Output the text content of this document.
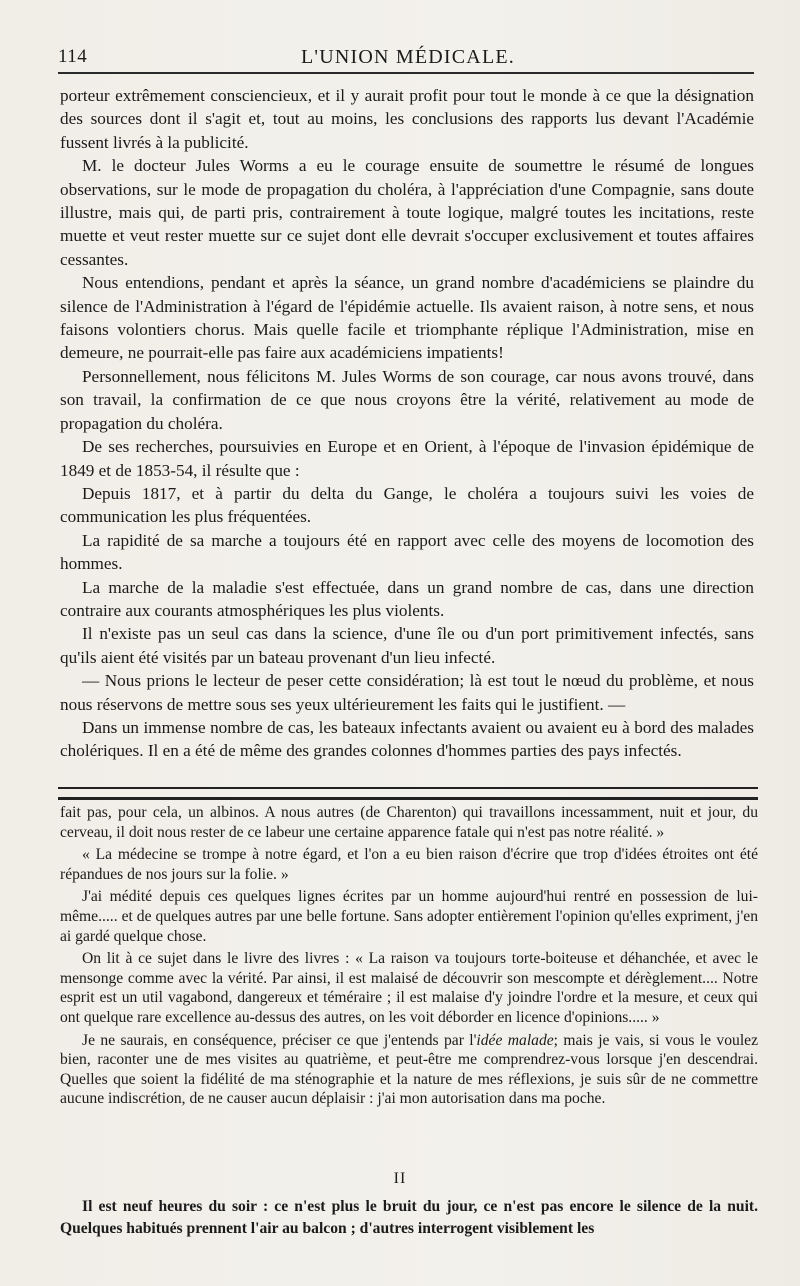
114	L'UNION MÉDICALE.

porteur extrêmement consciencieux, et il y aurait profit pour tout le monde à ce que la désignation des sources dont il s'agit et, tout au moins, les conclusions des rapports lus devant l'Académie fussent livrés à la publicité.

M. le docteur Jules Worms a eu le courage ensuite de soumettre le résumé de longues observations, sur le mode de propagation du choléra, à l'appréciation d'une Compagnie, sans doute illustre, mais qui, de parti pris, contrairement à toute logique, malgré toutes les incitations, reste muette et veut rester muette sur ce sujet dont elle devrait s'occuper exclusivement et toutes affaires cessantes.

Nous entendions, pendant et après la séance, un grand nombre d'académiciens se plaindre du silence de l'Administration à l'égard de l'épidémie actuelle. Ils avaient raison, à notre sens, et nous faisons volontiers chorus. Mais quelle facile et triomphante réplique l'Administration, mise en demeure, ne pourrait-elle pas faire aux académiciens impatients!

Personnellement, nous félicitons M. Jules Worms de son courage, car nous avons trouvé, dans son travail, la confirmation de ce que nous croyons être la vérité, relativement au mode de propagation du choléra.

De ses recherches, poursuivies en Europe et en Orient, à l'époque de l'invasion épidémique de 1849 et de 1853-54, il résulte que :

Depuis 1817, et à partir du delta du Gange, le choléra a toujours suivi les voies de communication les plus fréquentées.

La rapidité de sa marche a toujours été en rapport avec celle des moyens de locomotion des hommes.

La marche de la maladie s'est effectuée, dans un grand nombre de cas, dans une direction contraire aux courants atmosphériques les plus violents.

Il n'existe pas un seul cas dans la science, d'une île ou d'un port primitivement infectés, sans qu'ils aient été visités par un bateau provenant d'un lieu infecté.

— Nous prions le lecteur de peser cette considération; là est tout le nœud du problème, et nous nous réservons de mettre sous ses yeux ultérieurement les faits qui le justifient. —

Dans un immense nombre de cas, les bateaux infectants avaient ou avaient eu à bord des malades cholériques. Il en a été de même des grandes colonnes d'hommes parties des pays infectés.

fait pas, pour cela, un albinos. A nous autres (de Charenton) qui travaillons incessamment, nuit et jour, du cerveau, il doit nous rester de ce labeur une certaine apparence fatale qui n'est pas notre réalité. »

« La médecine se trompe à notre égard, et l'on a eu bien raison d'écrire que trop d'idées étroites ont été répandues de nos jours sur la folie. »

J'ai médité depuis ces quelques lignes écrites par un homme aujourd'hui rentré en possession de lui-même..... et de quelques autres par une belle fortune. Sans adopter entièrement l'opinion qu'elles expriment, j'en ai gardé quelque chose.

On lit à ce sujet dans le livre des livres : « La raison va toujours torte-boiteuse et déhanchée, et avec le mensonge comme avec la vérité. Par ainsi, il est malaisé de découvrir son mescompte et dérèglement.... Notre esprit est un util vagabond, dangereux et téméraire ; il est malaise d'y joindre l'ordre et la mesure, et ceux qui ont quelque rare excellence au-dessus des autres, on les voit déborder en licence d'opinions..... »

Je ne saurais, en conséquence, préciser ce que j'entends par l'idée malade; mais je vais, si vous le voulez bien, raconter une de mes visites au quatrième, et peut-être me comprendrez-vous lorsque j'en descendrai. Quelles que soient la fidélité de ma sténographie et la nature de mes réflexions, je suis sûr de ne commettre aucune indiscrétion, de ne causer aucun déplaisir : j'ai mon autorisation dans ma poche.

II

Il est neuf heures du soir : ce n'est plus le bruit du jour, ce n'est pas encore le silence de la nuit. Quelques habitués prennent l'air au balcon ; d'autres interrogent visiblement les
